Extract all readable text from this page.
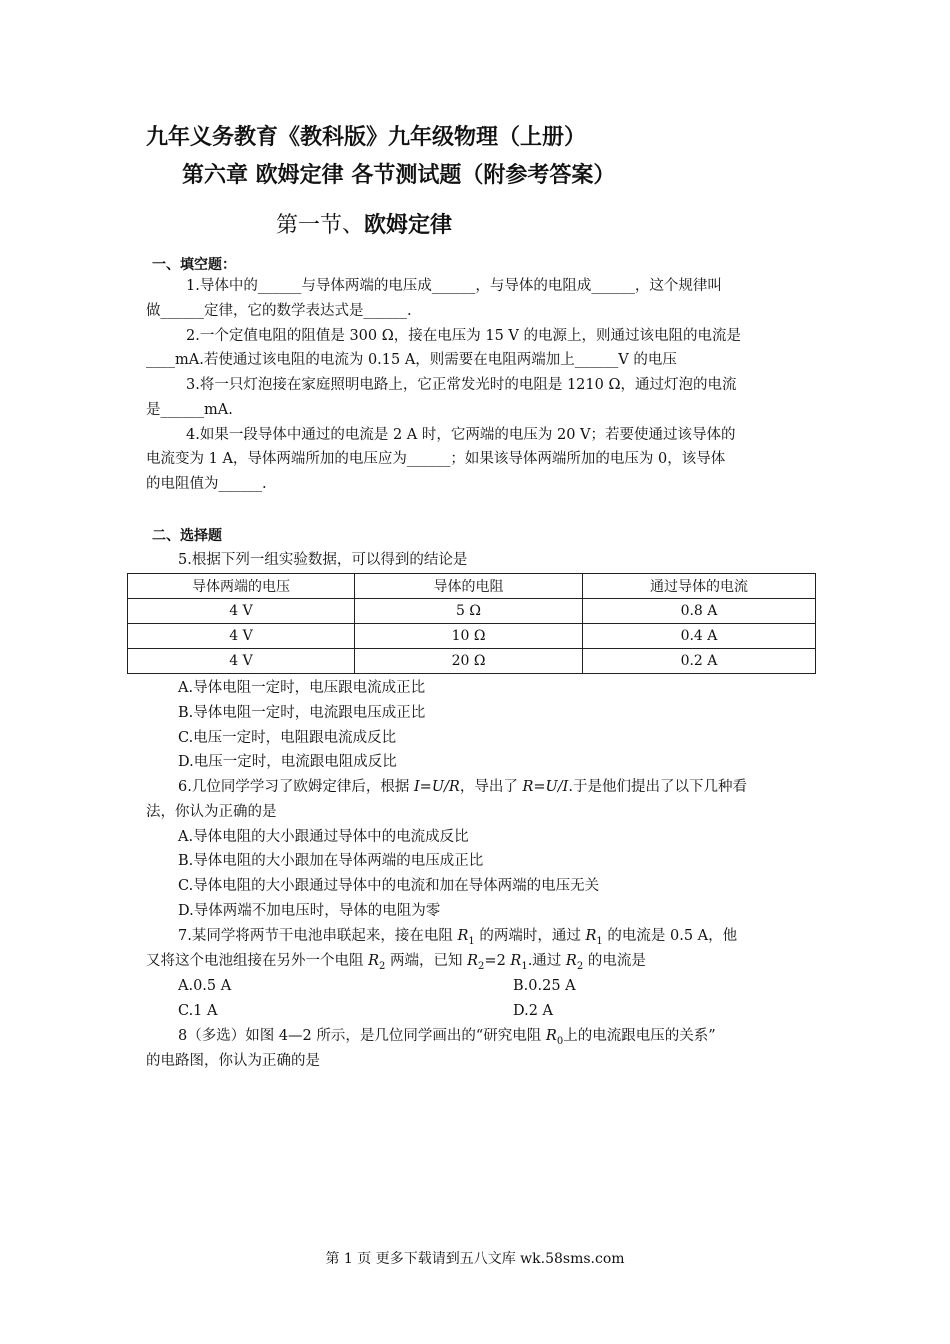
九年义务教育《教科版》九年级物理（上册）
第六章 欧姆定律 各节测试题（附参考答案）
第一节、欧姆定律
一、填空题：
1.导体中的______与导体两端的电压成______，与导体的电阻成______，这个规律叫
做______定律，它的数学表达式是______.
2.一个定值电阻的阻值是 300 Ω，接在电压为 15 V 的电源上，则通过该电阻的电流是
____mA.若使通过该电阻的电流为 0.15 A，则需要在电阻两端加上______V 的电压
3.将一只灯泡接在家庭照明电路上，它正常发光时的电阻是 1210 Ω，通过灯泡的电流
是______mA.
4.如果一段导体中通过的电流是 2 A 时，它两端的电压为 20 V；若要使通过该导体的
电流变为 1 A，导体两端所加的电压应为______；如果该导体两端所加的电压为 0，该导体
的电阻值为______.
二、选择题
5.根据下列一组实验数据，可以得到的结论是
导体两端的电压	导体的电阻	通过导体的电流
4 V	5 Ω	0.8 A
4 V	10 Ω	0.4 A
4 V	20 Ω	0.2 A
A.导体电阻一定时，电压跟电流成正比
B.导体电阻一定时，电流跟电压成正比
C.电压一定时，电阻跟电流成反比
D.电压一定时，电流跟电阻成反比
6.几位同学学习了欧姆定律后，根据 I=U/R，导出了 R=U/I.于是他们提出了以下几种看
法，你认为正确的是
A.导体电阻的大小跟通过导体中的电流成反比
B.导体电阻的大小跟加在导体两端的电压成正比
C.导体电阻的大小跟通过导体中的电流和加在导体两端的电压无关
D.导体两端不加电压时，导体的电阻为零
7.某同学将两节干电池串联起来，接在电阻 $R_1$ 的两端时，通过 $R_1$ 的电流是 0.5 A，他
又将这个电池组接在另外一个电阻 $R_2$ 两端，已知 $R_2=2$ $R_1$.通过 $R_2$ 的电流是
A.0.5 A	B.0.25 A
C.1 A	D.2 A
8（多选）如图 4—2 所示，是几位同学画出的“研究电阻 $R_0$上的电流跟电压的关系”
的电路图，你认为正确的是
第 1 页 更多下载请到五八文库 wk.58sms.com
